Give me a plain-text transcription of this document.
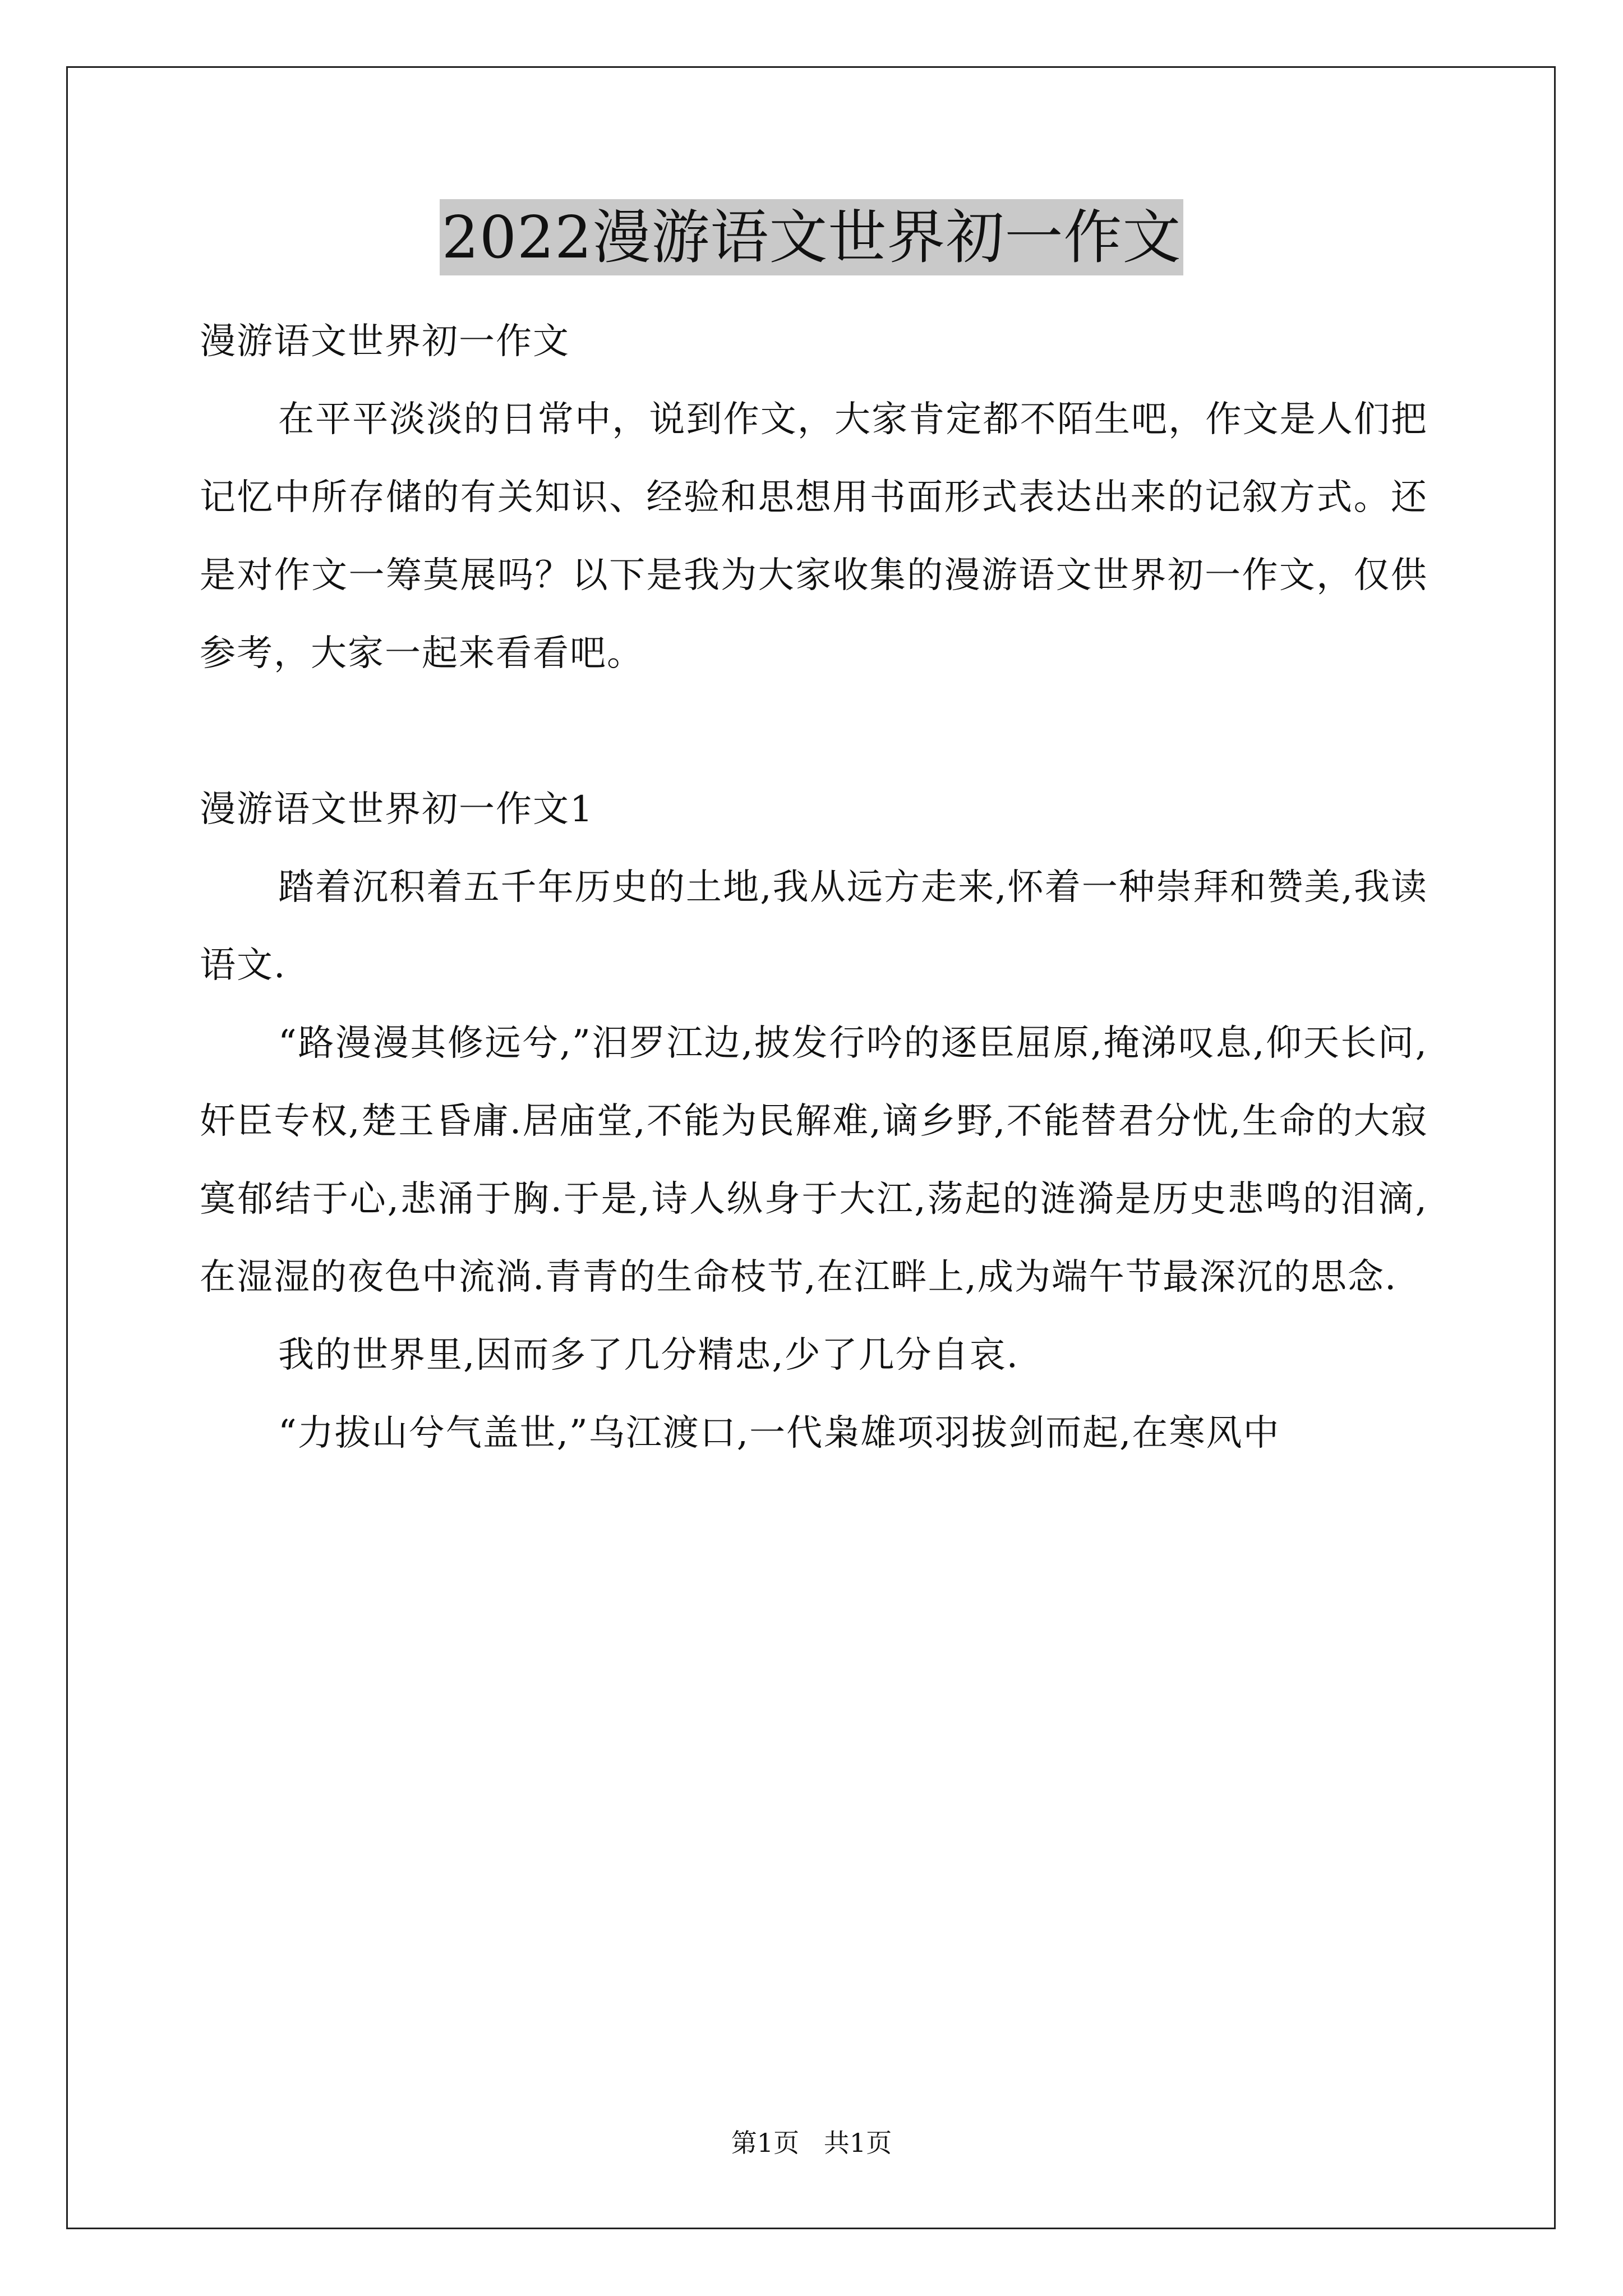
2022漫游语文世界初一作文

漫游语文世界初一作文

在平平淡淡的日常中，说到作文，大家肯定都不陌生吧，作文是人们把记忆中所存储的有关知识、经验和思想用书面形式表达出来的记叙方式。还是对作文一筹莫展吗？以下是我为大家收集的漫游语文世界初一作文，仅供参考，大家一起来看看吧。

漫游语文世界初一作文1

踏着沉积着五千年历史的土地,我从远方走来,怀着一种崇拜和赞美,我读语文.

“路漫漫其修远兮,”汨罗江边,披发行吟的逐臣屈原,掩涕叹息,仰天长问,奸臣专权,楚王昏庸.居庙堂,不能为民解难,谪乡野,不能替君分忧,生命的大寂寞郁结于心,悲涌于胸.于是,诗人纵身于大江,荡起的涟漪是历史悲鸣的泪滴,在湿湿的夜色中流淌.青青的生命枝节,在江畔上,成为端午节最深沉的思念.

我的世界里,因而多了几分精忠,少了几分自哀.

“力拔山兮气盖世,”乌江渡口,一代枭雄项羽拔剑而起,在寒风中

第1页   共1页
